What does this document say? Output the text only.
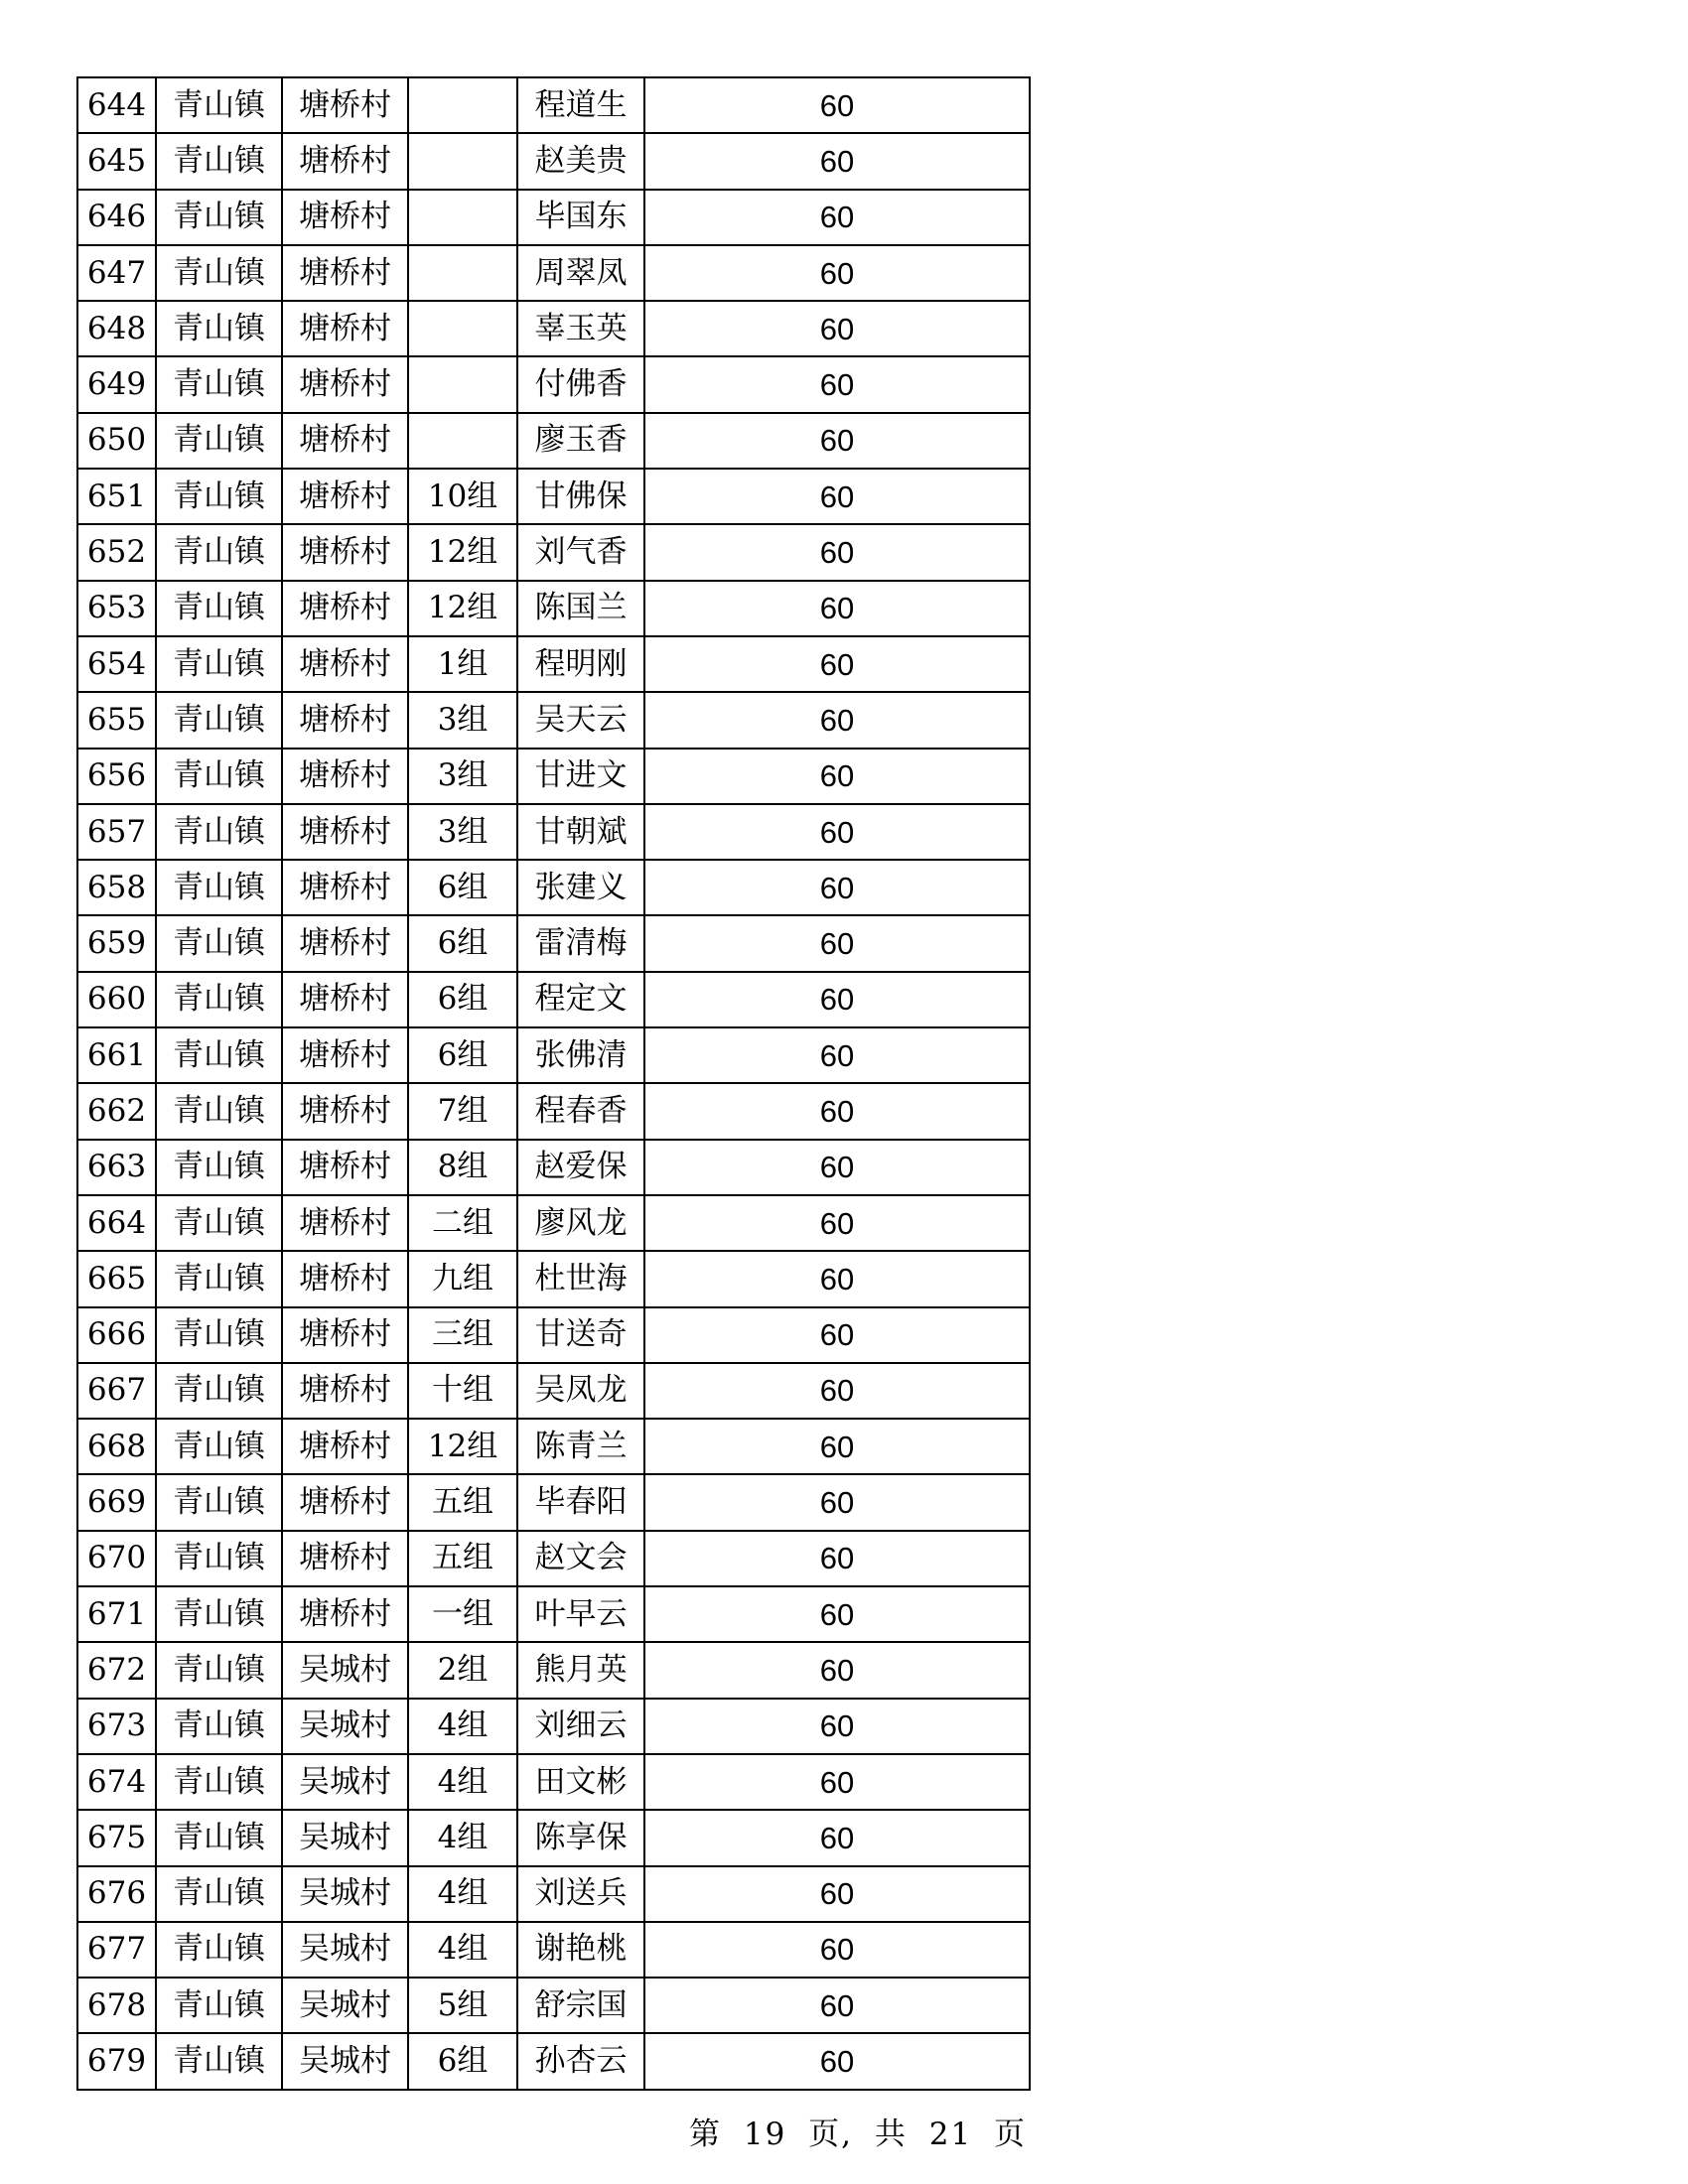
644	青山镇	塘桥村		程道生	60
645	青山镇	塘桥村		赵美贵	60
646	青山镇	塘桥村		毕国东	60
647	青山镇	塘桥村		周翠凤	60
648	青山镇	塘桥村		辜玉英	60
649	青山镇	塘桥村		付佛香	60
650	青山镇	塘桥村		廖玉香	60
651	青山镇	塘桥村	10组	甘佛保	60
652	青山镇	塘桥村	12组	刘气香	60
653	青山镇	塘桥村	12组	陈国兰	60
654	青山镇	塘桥村	1组	程明刚	60
655	青山镇	塘桥村	3组	吴天云	60
656	青山镇	塘桥村	3组	甘进文	60
657	青山镇	塘桥村	3组	甘朝斌	60
658	青山镇	塘桥村	6组	张建义	60
659	青山镇	塘桥村	6组	雷清梅	60
660	青山镇	塘桥村	6组	程定文	60
661	青山镇	塘桥村	6组	张佛清	60
662	青山镇	塘桥村	7组	程春香	60
663	青山镇	塘桥村	8组	赵爱保	60
664	青山镇	塘桥村	二组	廖风龙	60
665	青山镇	塘桥村	九组	杜世海	60
666	青山镇	塘桥村	三组	甘送奇	60
667	青山镇	塘桥村	十组	吴凤龙	60
668	青山镇	塘桥村	12组	陈青兰	60
669	青山镇	塘桥村	五组	毕春阳	60
670	青山镇	塘桥村	五组	赵文会	60
671	青山镇	塘桥村	一组	叶早云	60
672	青山镇	吴城村	2组	熊月英	60
673	青山镇	吴城村	4组	刘细云	60
674	青山镇	吴城村	4组	田文彬	60
675	青山镇	吴城村	4组	陈享保	60
676	青山镇	吴城村	4组	刘送兵	60
677	青山镇	吴城村	4组	谢艳桃	60
678	青山镇	吴城村	5组	舒宗国	60
679	青山镇	吴城村	6组	孙杏云	60
第 19 页, 共 21 页
